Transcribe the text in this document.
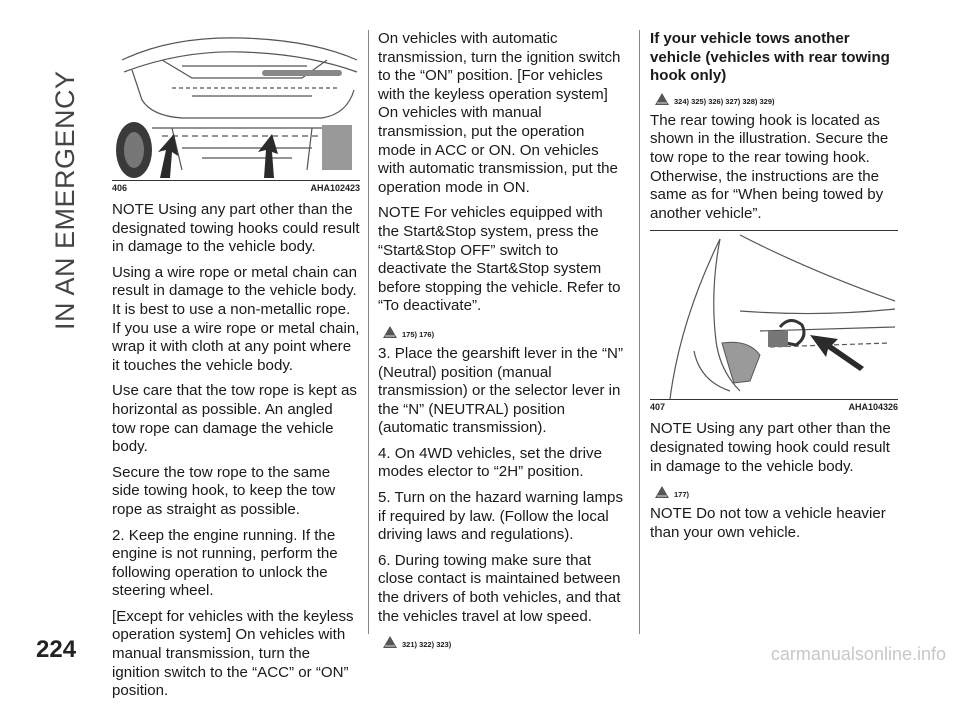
IN AN EMERGENCY	406	AHA102423

NOTE Using any part other than the designated towing hooks could result in damage to the vehicle body.

Using a wire rope or metal chain can result in damage to the vehicle body. It is best to use a non-metallic rope. If you use a wire rope or metal chain, wrap it with cloth at any point where it touches the vehicle body.

Use care that the tow rope is kept as horizontal as possible. An angled tow rope can damage the vehicle body.

Secure the tow rope to the same side towing hook, to keep the tow rope as straight as possible.

2. Keep the engine running. If the engine is not running, perform the following operation to unlock the steering wheel.

[Except for vehicles with the keyless operation system] On vehicles with manual transmission, turn the ignition switch to the “ACC” or “ON” position.

On vehicles with automatic transmission, turn the ignition switch to the “ON” position. [For vehicles with the keyless operation system] On vehicles with manual transmission, put the operation mode in ACC or ON. On vehicles with automatic transmission, put the operation mode in ON.

NOTE For vehicles equipped with the Start&Stop system, press the “Start&Stop OFF” switch to deactivate the Start&Stop system before stopping the vehicle. Refer to “To deactivate”.

175) 176)

3. Place the gearshift lever in the “N” (Neutral) position (manual transmission) or the selector lever in the “N” (NEUTRAL) position (automatic transmission).

4. On 4WD vehicles, set the drive modes elector to “2H” position.

5. Turn on the hazard warning lamps if required by law. (Follow the local driving laws and regulations).

6. During towing make sure that close contact is maintained between the drivers of both vehicles, and that the vehicles travel at low speed.

321) 322) 323)
If your vehicle tows another vehicle (vehicles with rear towing hook only)
324) 325) 326) 327) 328) 329)

The rear towing hook is located as shown in the illustration. Secure the tow rope to the rear towing hook. Otherwise, the instructions are the same as for “When being towed by another vehicle”.

407	AHA104326

NOTE Using any part other than the designated towing hook could result in damage to the vehicle body.

177)

NOTE Do not tow a vehicle heavier than your own vehicle.

224	carmanualsonline.info
